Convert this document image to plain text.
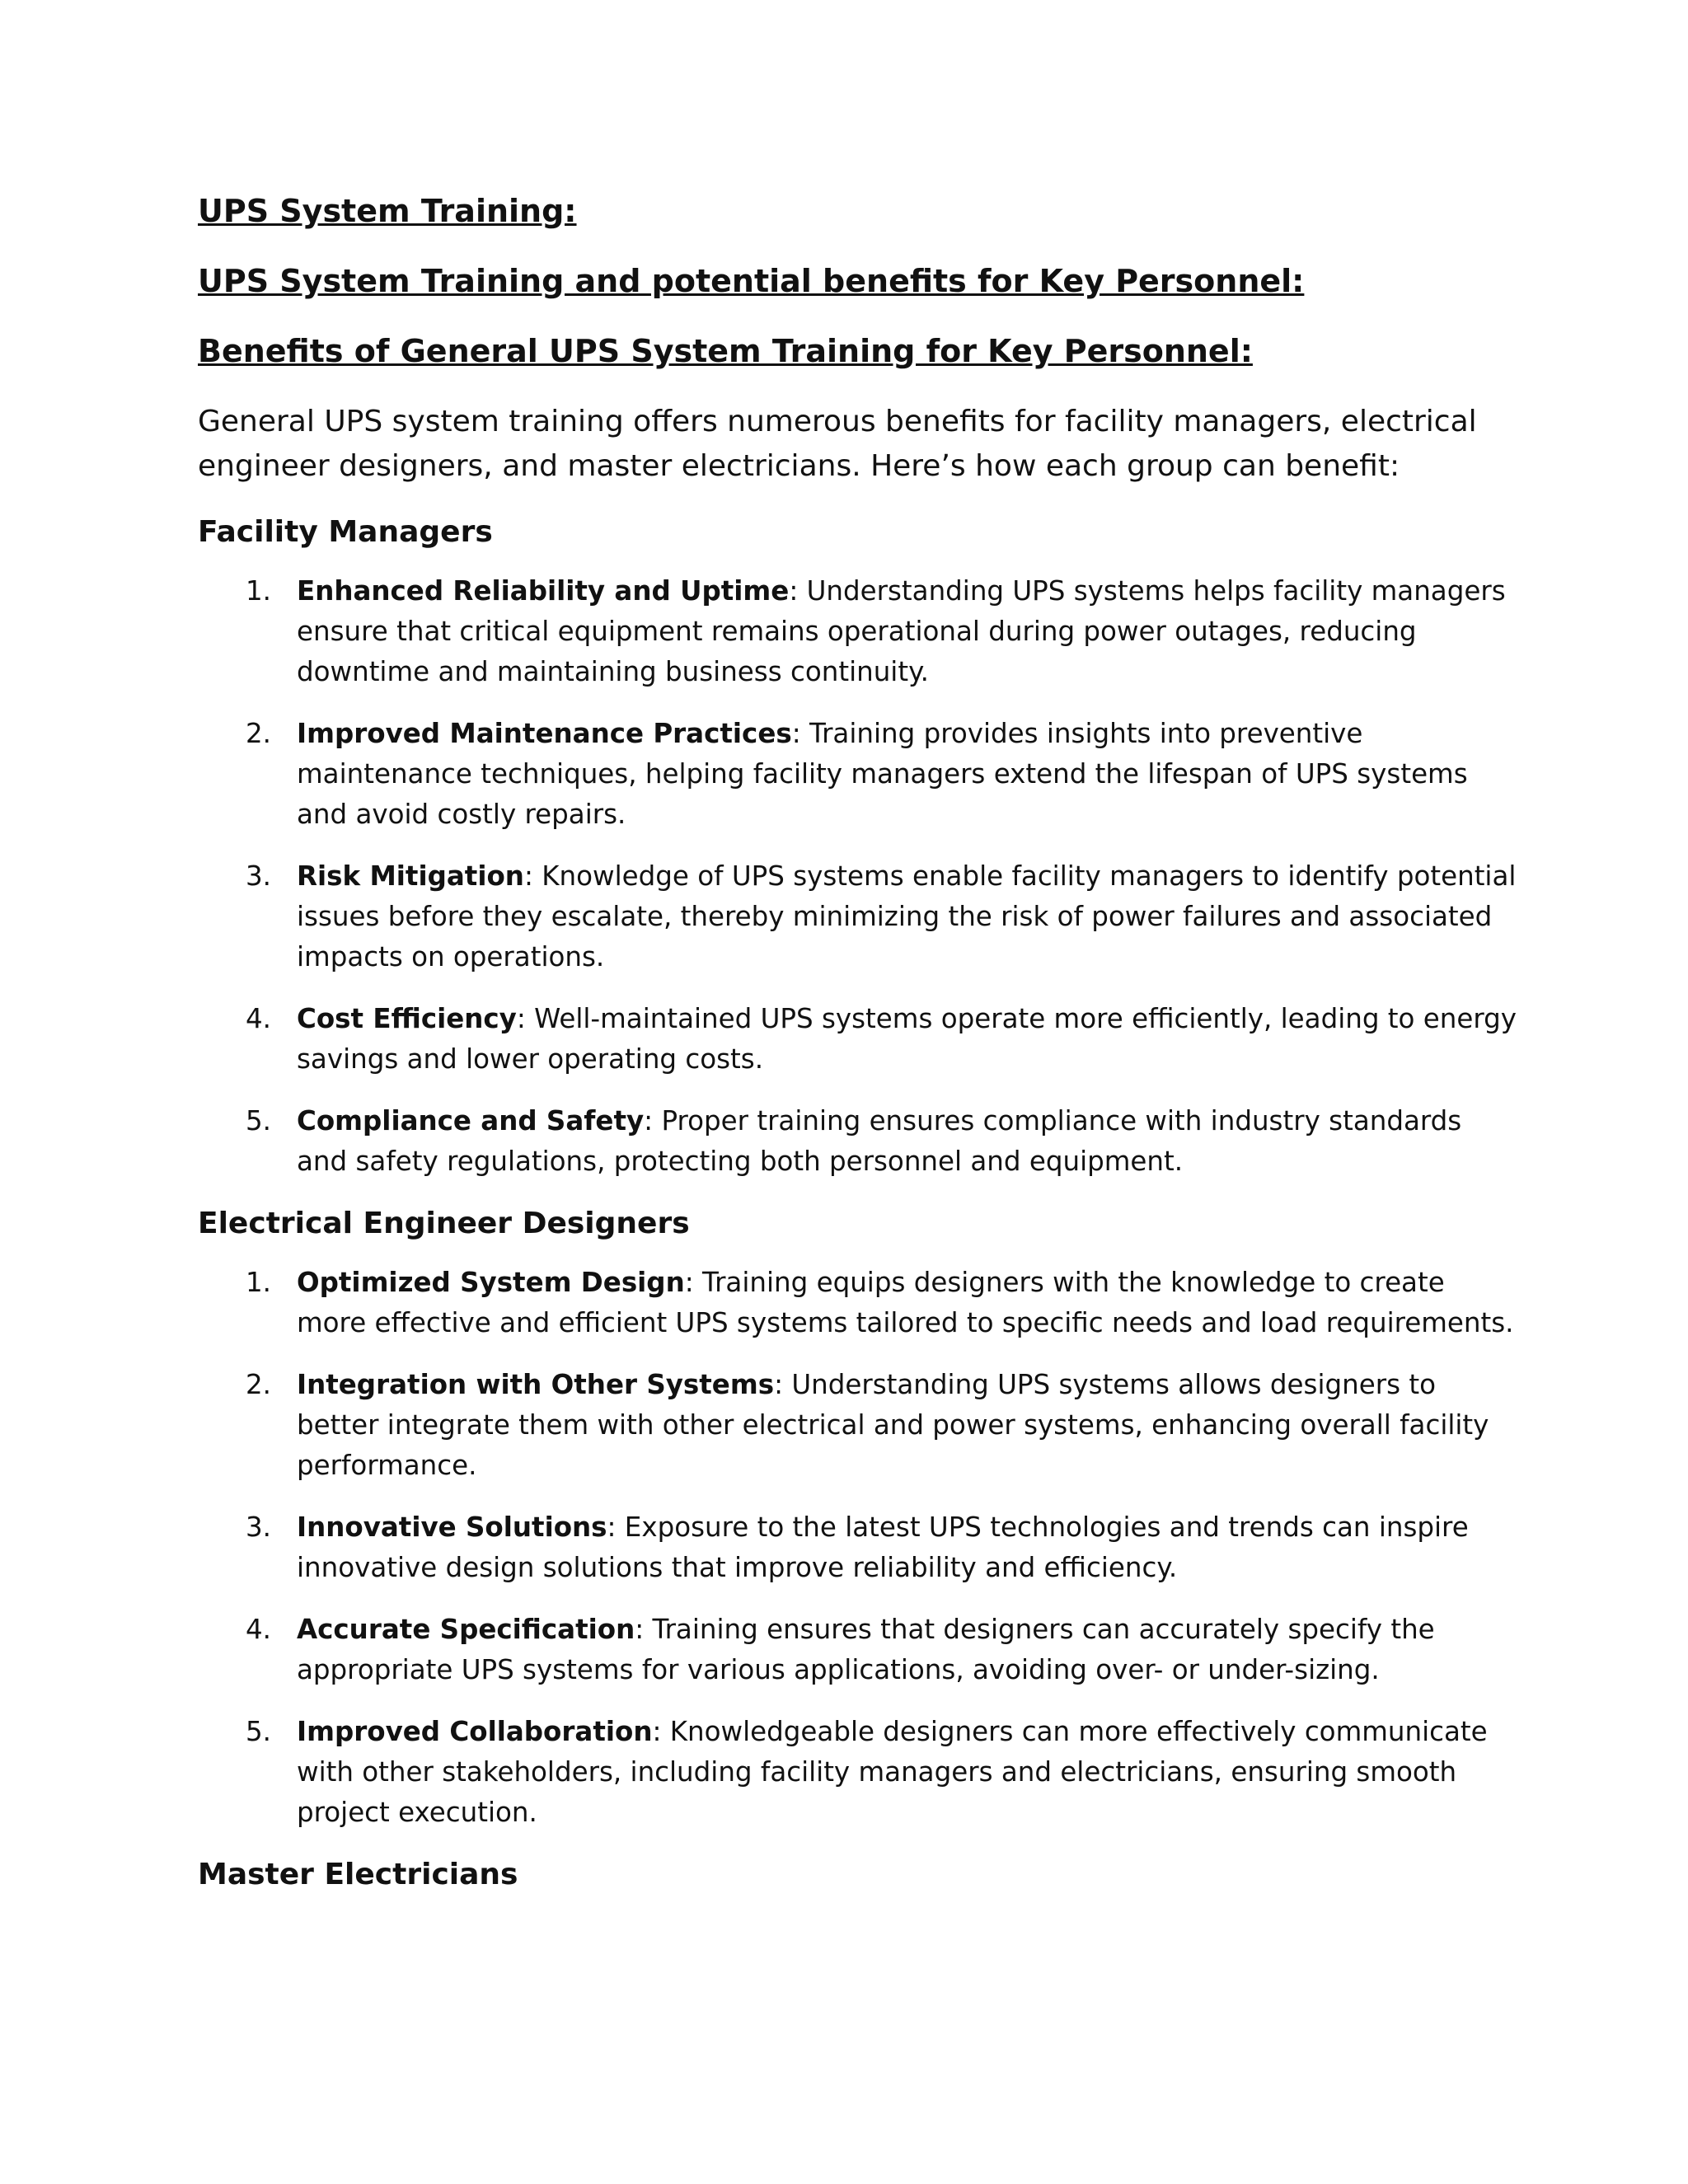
UPS System Training:
UPS System Training and potential benefits for Key Personnel:
Benefits of General UPS System Training for Key Personnel:
General UPS system training offers numerous benefits for facility managers, electrical engineer designers, and master electricians. Here’s how each group can benefit:
Facility Managers
1. Enhanced Reliability and Uptime: Understanding UPS systems helps facility managers ensure that critical equipment remains operational during power outages, reducing downtime and maintaining business continuity.
2. Improved Maintenance Practices: Training provides insights into preventive maintenance techniques, helping facility managers extend the lifespan of UPS systems and avoid costly repairs.
3. Risk Mitigation: Knowledge of UPS systems enable facility managers to identify potential issues before they escalate, thereby minimizing the risk of power failures and associated impacts on operations.
4. Cost Efficiency: Well-maintained UPS systems operate more efficiently, leading to energy savings and lower operating costs.
5. Compliance and Safety: Proper training ensures compliance with industry standards and safety regulations, protecting both personnel and equipment.
Electrical Engineer Designers
1. Optimized System Design: Training equips designers with the knowledge to create more effective and efficient UPS systems tailored to specific needs and load requirements.
2. Integration with Other Systems: Understanding UPS systems allows designers to better integrate them with other electrical and power systems, enhancing overall facility performance.
3. Innovative Solutions: Exposure to the latest UPS technologies and trends can inspire innovative design solutions that improve reliability and efficiency.
4. Accurate Specification: Training ensures that designers can accurately specify the appropriate UPS systems for various applications, avoiding over- or under-sizing.
5. Improved Collaboration: Knowledgeable designers can more effectively communicate with other stakeholders, including facility managers and electricians, ensuring smooth project execution.
Master Electricians
